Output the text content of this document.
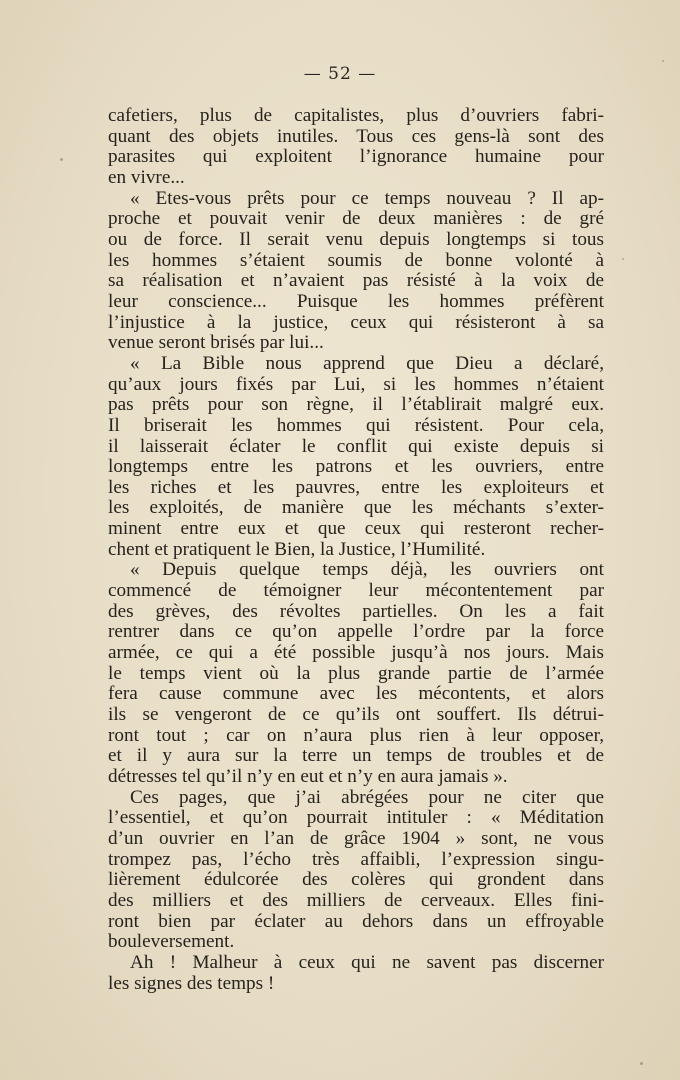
— 52 —
cafetiers, plus de capitalistes, plus d’ouvriers fabri-
quant des objets inutiles. Tous ces gens-là sont des
parasites qui exploitent l’ignorance humaine pour
en vivre...
« Etes-vous prêts pour ce temps nouveau ? Il ap-
proche et pouvait venir de deux manières : de gré
ou de force. Il serait venu depuis longtemps si tous
les hommes s’étaient soumis de bonne volonté à
sa réalisation et n’avaient pas résisté à la voix de
leur conscience... Puisque les hommes préfèrent
l’injustice à la justice, ceux qui résisteront à sa
venue seront brisés par lui...
« La Bible nous apprend que Dieu a déclaré,
qu’aux jours fixés par Lui, si les hommes n’étaient
pas prêts pour son règne, il l’établirait malgré eux.
Il briserait les hommes qui résistent. Pour cela,
il laisserait éclater le conflit qui existe depuis si
longtemps entre les patrons et les ouvriers, entre
les riches et les pauvres, entre les exploiteurs et
les exploités, de manière que les méchants s’exter-
minent entre eux et que ceux qui resteront recher-
chent et pratiquent le Bien, la Justice, l’Humilité.
« Depuis quelque temps déjà, les ouvriers ont
commencé de témoigner leur mécontentement par
des grèves, des révoltes partielles. On les a fait
rentrer dans ce qu’on appelle l’ordre par la force
armée, ce qui a été possible jusqu’à nos jours. Mais
le temps vient où la plus grande partie de l’armée
fera cause commune avec les mécontents, et alors
ils se vengeront de ce qu’ils ont souffert. Ils détrui-
ront tout ; car on n’aura plus rien à leur opposer,
et il y aura sur la terre un temps de troubles et de
détresses tel qu’il n’y en eut et n’y en aura jamais ».
Ces pages, que j’ai abrégées pour ne citer que
l’essentiel, et qu’on pourrait intituler : « Méditation
d’un ouvrier en l’an de grâce 1904 » sont, ne vous
trompez pas, l’écho très affaibli, l’expression singu-
lièrement édulcorée des colères qui grondent dans
des milliers et des milliers de cerveaux. Elles fini-
ront bien par éclater au dehors dans un effroyable
bouleversement.
Ah ! Malheur à ceux qui ne savent pas discerner
les signes des temps !
